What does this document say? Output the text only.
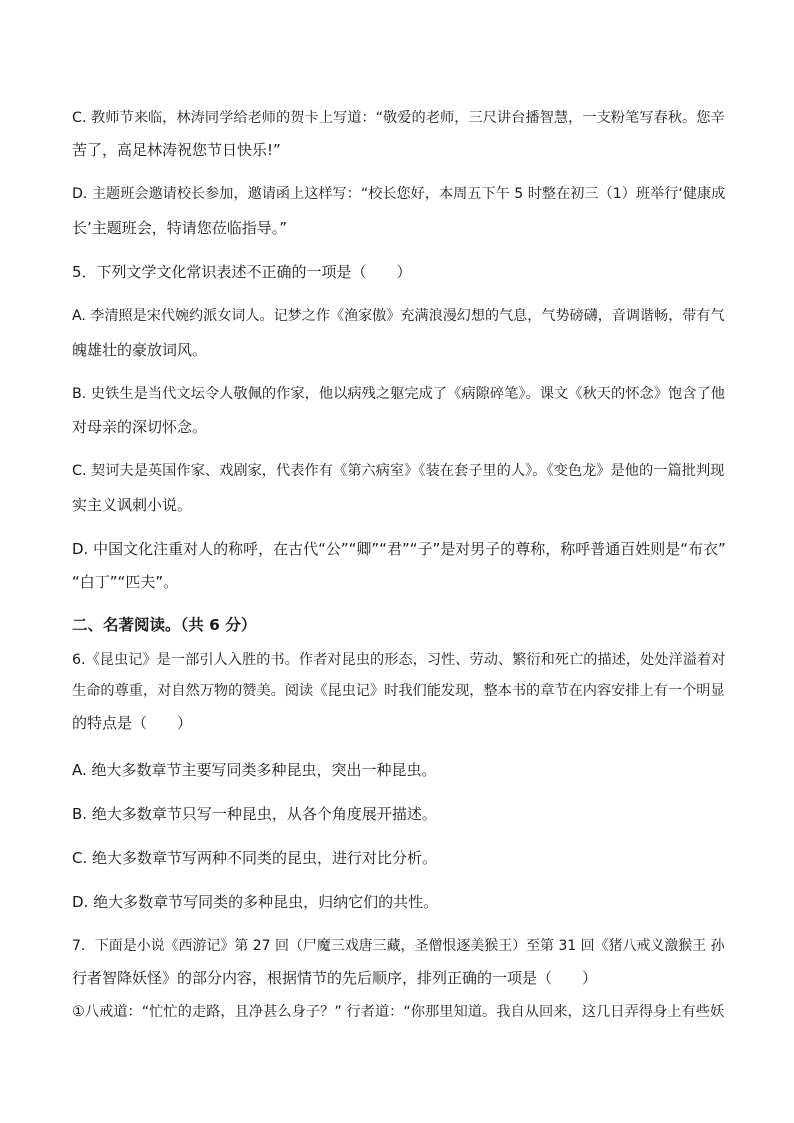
C. 教师节来临，林涛同学给老师的贺卡上写道：“敬爱的老师，三尺讲台播智慧，一支粉笔写春秋。您辛
苦了，高足林涛祝您节日快乐!”
D. 主题班会邀请校长参加，邀请函上这样写：“校长您好，本周五下午 5 时整在初三（1）班举行‘健康成
长’主题班会，特请您莅临指导。”
5．下列文学文化常识表述不正确的一项是（　　）
A. 李清照是宋代婉约派女词人。记梦之作《渔家傲》充满浪漫幻想的气息，气势磅礴，音调谐畅，带有气
魄雄壮的豪放词风。
B. 史铁生是当代文坛令人敬佩的作家，他以病残之躯完成了《病隙碎笔》。课文《秋天的怀念》饱含了他
对母亲的深切怀念。
C. 契诃夫是英国作家、戏剧家，代表作有《第六病室》《装在套子里的人》。《变色龙》是他的一篇批判现
实主义讽刺小说。
D. 中国文化注重对人的称呼，在古代“公”“卿”“君”“子”是对男子的尊称，称呼普通百姓则是“布衣”
“白丁”“匹夫”。
二、名著阅读。（共 6 分）
6.《昆虫记》是一部引人入胜的书。作者对昆虫的形态，习性、劳动、繁衍和死亡的描述，处处洋溢着对
生命的尊重，对自然万物的赞美。阅读《昆虫记》时我们能发现，整本书的章节在内容安排上有一个明显
的特点是（　　）
A. 绝大多数章节主要写同类多种昆虫，突出一种昆虫。
B. 绝大多数章节只写一种昆虫，从各个角度展开描述。
C. 绝大多数章节写两种不同类的昆虫，进行对比分析。
D. 绝大多数章节写同类的多种昆虫，归纳它们的共性。
7．下面是小说《西游记》第 27 回（尸魔三戏唐三藏，圣僧恨逐美猴王）至第 31 回《猪八戒义激猴王 孙
行者智降妖怪》的部分内容，根据情节的先后顺序，排列正确的一项是（　　）
①八戒道：“忙忙的走路，且净甚么身子？” 行者道：“你那里知道。我自从回来，这几日弄得身上有些妖
